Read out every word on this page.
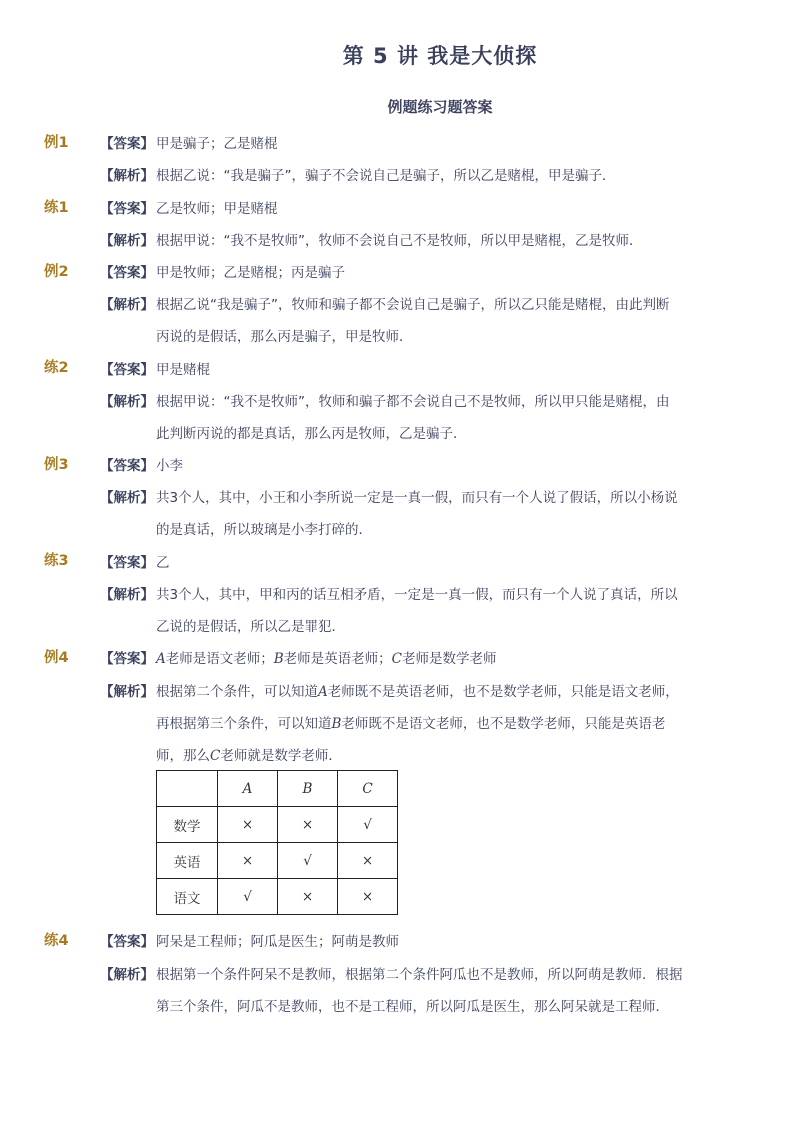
第 5 讲 我是大侦探
例题练习题答案
例1 【答案】 甲是骗子；乙是赌棍
【解析】 根据乙说：“我是骗子”，骗子不会说自己是骗子，所以乙是赌棍，甲是骗子．
练1 【答案】 乙是牧师；甲是赌棍
【解析】 根据甲说：“我不是牧师”，牧师不会说自己不是牧师，所以甲是赌棍，乙是牧师．
例2 【答案】 甲是牧师；乙是赌棍；丙是骗子
【解析】 根据乙说“我是骗子”，牧师和骗子都不会说自己是骗子，所以乙只能是赌棍，由此判断
丙说的是假话，那么丙是骗子，甲是牧师．
练2 【答案】 甲是赌棍
【解析】 根据甲说：“我不是牧师”，牧师和骗子都不会说自己不是牧师，所以甲只能是赌棍，由
此判断丙说的都是真话，那么丙是牧师，乙是骗子．
例3 【答案】 小李
【解析】 共3个人，其中，小王和小李所说一定是一真一假，而只有一个人说了假话，所以小杨说
的是真话，所以玻璃是小李打碎的．
练3 【答案】 乙
【解析】 共3个人，其中，甲和丙的话互相矛盾，一定是一真一假，而只有一个人说了真话，所以
乙说的是假话，所以乙是罪犯．
例4 【答案】 A老师是语文老师；B老师是英语老师；C老师是数学老师
【解析】 根据第二个条件，可以知道A老师既不是英语老师，也不是数学老师，只能是语文老师，
再根据第三个条件，可以知道B老师既不是语文老师，也不是数学老师，只能是英语老
师，那么C老师就是数学老师．
	A	B	C
数学	×	×	√
英语	×	√	×
语文	√	×	×
练4 【答案】 阿呆是工程师；阿瓜是医生；阿萌是教师
【解析】 根据第一个条件阿呆不是教师，根据第二个条件阿瓜也不是教师，所以阿萌是教师．根据
第三个条件，阿瓜不是教师，也不是工程师，所以阿瓜是医生，那么阿呆就是工程师．
